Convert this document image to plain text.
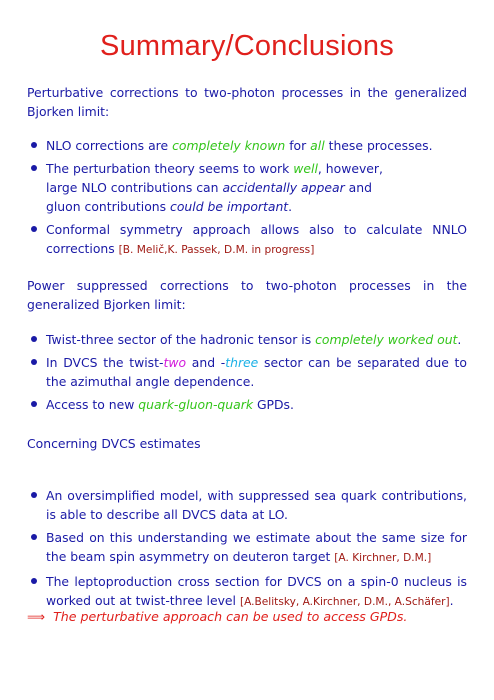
Summary/Conclusions
Perturbative corrections to two-photon processes in the generalized Bjorken limit:
NLO corrections are completely known for all these processes.
The perturbation theory seems to work well, however,
large NLO contributions can accidentally appear and
gluon contributions could be important.
Conformal symmetry approach allows also to calculate NNLO corrections [B. Melič,K. Passek, D.M. in progress]
Power suppressed corrections to two-photon processes in the generalized Bjorken limit:
Twist-three sector of the hadronic tensor is completely worked out.
In DVCS the twist-two and -three sector can be separated due to the azimuthal angle dependence.
Access to new quark-gluon-quark GPDs.
Concerning DVCS estimates
An oversimplified model, with suppressed sea quark contributions, is able to describe all DVCS data at LO.
Based on this understanding we estimate about the same size for the beam spin asymmetry on deuteron target [A. Kirchner, D.M.]
The leptoproduction cross section for DVCS on a spin-0 nucleus is worked out at twist-three level [A.Belitsky, A.Kirchner, D.M., A.Schäfer].
⟹ The perturbative approach can be used to access GPDs.
